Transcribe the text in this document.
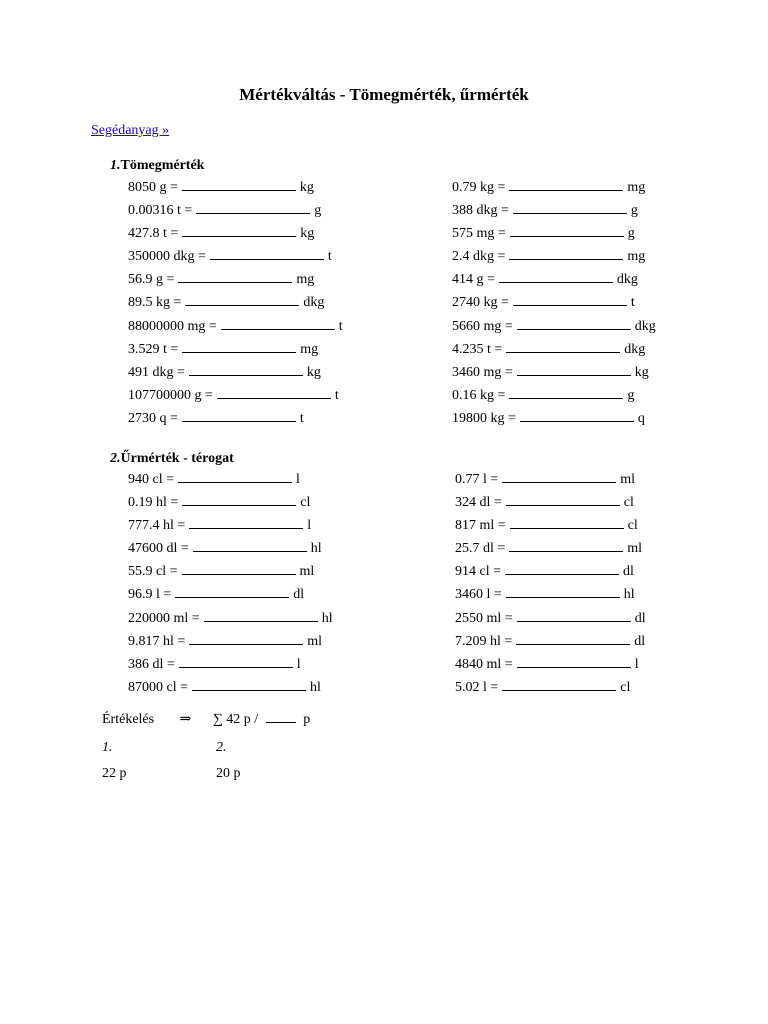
Mértékváltás - Tömegmérték, űrmérték
Segédanyag »
1.Tömegmérték
8050 g =	kg
0.00316 t =	g
427.8 t =	kg
350000 dkg =	t
56.9 g =	mg
89.5 kg =	dkg
88000000 mg =	t
3.529 t =	mg
491 dkg =	kg
107700000 g =	t
2730 q =	t
0.79 kg =	mg
388 dkg =	g
575 mg =	g
2.4 dkg =	mg
414 g =	dkg
2740 kg =	t
5660 mg =	dkg
4.235 t =	dkg
3460 mg =	kg
0.16 kg =	g
19800 kg =	q
2.Űrmérték - térogat
940 cl =	l
0.19 hl =	cl
777.4 hl =	l
47600 dl =	hl
55.9 cl =	ml
96.9 l =	dl
220000 ml =	hl
9.817 hl =	ml
386 dl =	l
87000 cl =	hl
0.77 l =	ml
324 dl =	cl
817 ml =	cl
25.7 dl =	ml
914 cl =	dl
3460 l =	hl
2550 ml =	dl
7.209 hl =	dl
4840 ml =	l
5.02 l =	cl
Értékelés ⇒ ∑ 42 p /	p
1.	2.
22 p	20 p
